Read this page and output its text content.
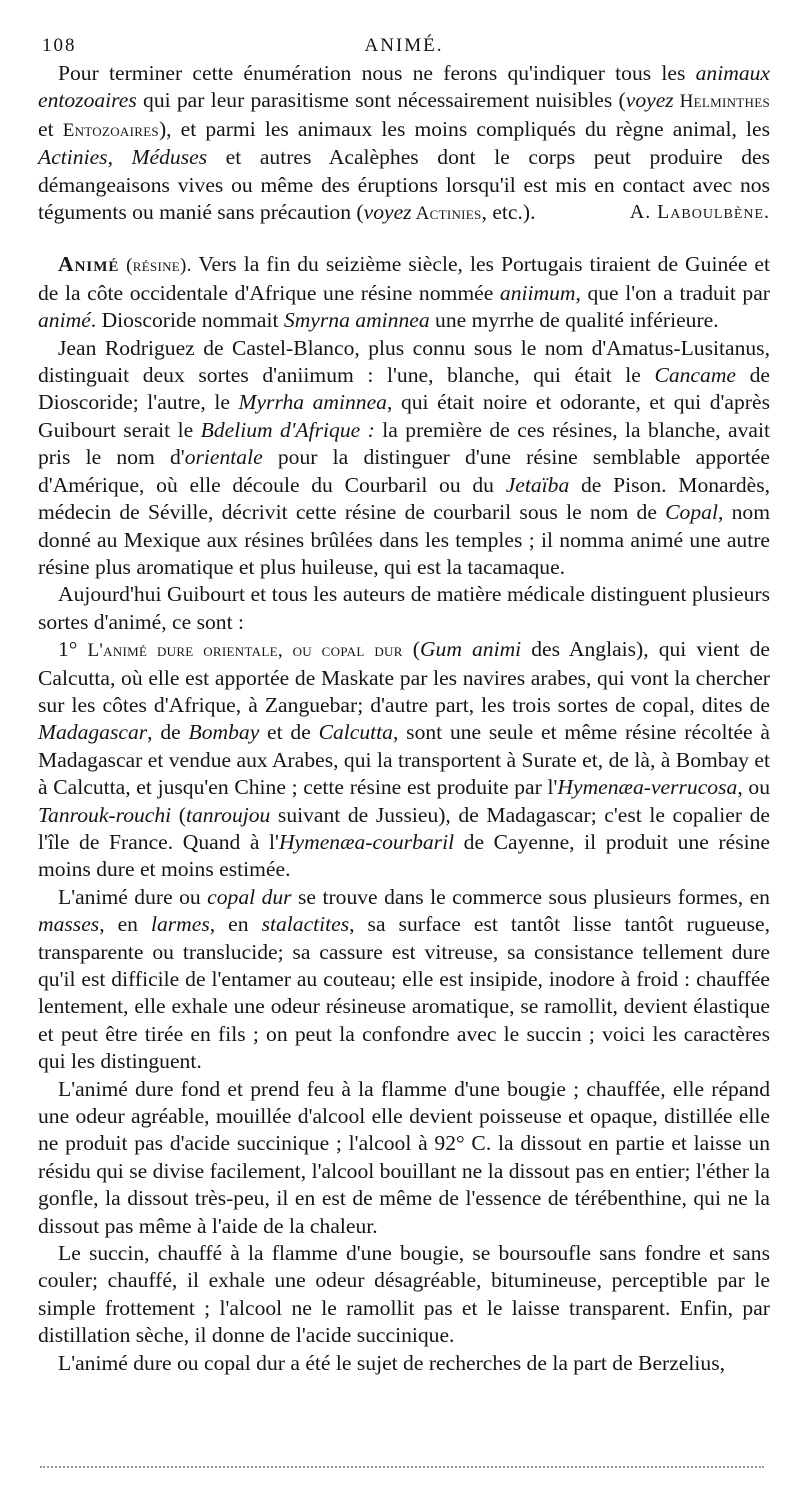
108	ANIMÉ.

Pour terminer cette énumération nous ne ferons qu'indiquer tous les animaux entozoaires qui par leur parasitisme sont nécessairement nuisibles (voyez Helminthes et Entozoaires), et parmi les animaux les moins compliqués du règne animal, les Actinies, Méduses et autres Acalèphes dont le corps peut produire des démangeaisons vives ou même des éruptions lorsqu'il est mis en contact avec nos téguments ou manié sans précaution (voyez Actinies, etc.).	A. Laboulbène.

Animé (résine). Vers la fin du seizième siècle, les Portugais tiraient de Guinée et de la côte occidentale d'Afrique une résine nommée aniimum, que l'on a traduit par animé. Dioscoride nommait Smyrna aminnea une myrrhe de qualité inférieure.

Jean Rodriguez de Castel-Blanco, plus connu sous le nom d'Amatus-Lusitanus, distinguait deux sortes d'aniimum : l'une, blanche, qui était le Cancame de Dioscoride; l'autre, le Myrrha aminnea, qui était noire et odorante, et qui d'après Guibourt serait le Bdelium d'Afrique : la première de ces résines, la blanche, avait pris le nom d'orientale pour la distinguer d'une résine semblable apportée d'Amérique, où elle découle du Courbaril ou du Jetaïba de Pison. Monardès, médecin de Séville, décrivit cette résine de courbaril sous le nom de Copal, nom donné au Mexique aux résines brûlées dans les temples ; il nomma animé une autre résine plus aromatique et plus huileuse, qui est la tacamaque.

Aujourd'hui Guibourt et tous les auteurs de matière médicale distinguent plusieurs sortes d'animé, ce sont :

1° L'animé dure orientale, ou copal dur (Gum animi des Anglais), qui vient de Calcutta, où elle est apportée de Maskate par les navires arabes, qui vont la chercher sur les côtes d'Afrique, à Zanguebar; d'autre part, les trois sortes de copal, dites de Madagascar, de Bombay et de Calcutta, sont une seule et même résine récoltée à Madagascar et vendue aux Arabes, qui la transportent à Surate et, de là, à Bombay et à Calcutta, et jusqu'en Chine ; cette résine est produite par l'Hymenæa-verrucosa, ou Tanrouk-rouchi (tanroujou suivant de Jussieu), de Madagascar; c'est le copalier de l'île de France. Quand à l'Hymenæa-courbaril de Cayenne, il produit une résine moins dure et moins estimée.

L'animé dure ou copal dur se trouve dans le commerce sous plusieurs formes, en masses, en larmes, en stalactites, sa surface est tantôt lisse tantôt rugueuse, transparente ou translucide; sa cassure est vitreuse, sa consistance tellement dure qu'il est difficile de l'entamer au couteau; elle est insipide, inodore à froid : chauffée lentement, elle exhale une odeur résineuse aromatique, se ramollit, devient élastique et peut être tirée en fils ; on peut la confondre avec le succin ; voici les caractères qui les distinguent.

L'animé dure fond et prend feu à la flamme d'une bougie ; chauffée, elle répand une odeur agréable, mouillée d'alcool elle devient poisseuse et opaque, distillée elle ne produit pas d'acide succinique ; l'alcool à 92° C. la dissout en partie et laisse un résidu qui se divise facilement, l'alcool bouillant ne la dissout pas en entier; l'éther la gonfle, la dissout très-peu, il en est de même de l'essence de térébenthine, qui ne la dissout pas même à l'aide de la chaleur.

Le succin, chauffé à la flamme d'une bougie, se boursoufle sans fondre et sans couler; chauffé, il exhale une odeur désagréable, bitumineuse, perceptible par le simple frottement ; l'alcool ne le ramollit pas et le laisse transparent. Enfin, par distillation sèche, il donne de l'acide succinique.

L'animé dure ou copal dur a été le sujet de recherches de la part de Berzelius,
